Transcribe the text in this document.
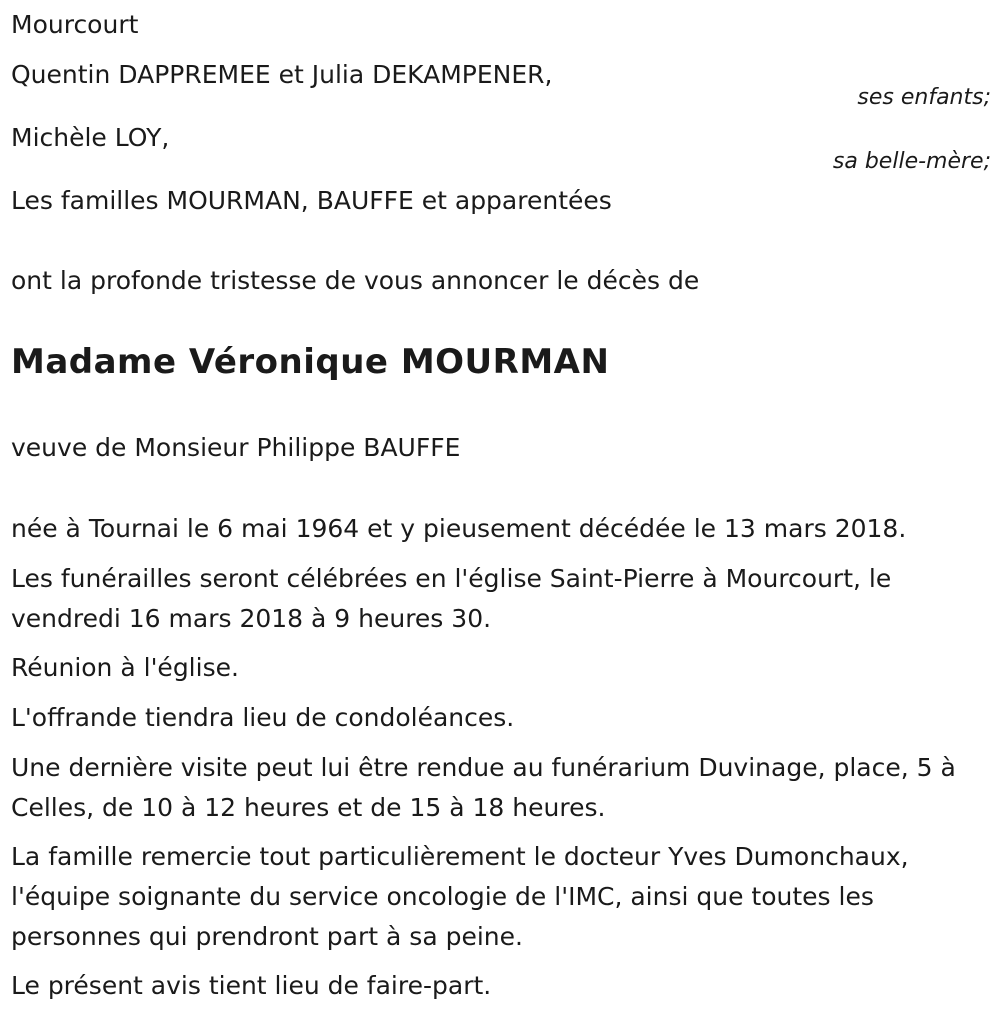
Mourcourt
Quentin DAPPREMEE et Julia DEKAMPENER,
ses enfants;
Michèle LOY,
sa belle-mère;
Les familles MOURMAN, BAUFFE et apparentées
ont la profonde tristesse de vous annoncer le décès de
Madame Véronique MOURMAN
veuve de Monsieur Philippe BAUFFE
née à Tournai le 6 mai 1964 et y pieusement décédée le 13 mars 2018.
Les funérailles seront célébrées en l'église Saint-Pierre à Mourcourt, le vendredi 16 mars 2018 à 9 heures 30.
Réunion à l'église.
L'offrande tiendra lieu de condoléances.
Une dernière visite peut lui être rendue au funérarium Duvinage, place, 5 à Celles, de 10 à 12 heures et de 15 à 18 heures.
La famille remercie tout particulièrement le docteur Yves Dumonchaux, l'équipe soignante du service oncologie de l'IMC, ainsi que toutes les personnes qui prendront part à sa peine.
Le présent avis tient lieu de faire-part.
